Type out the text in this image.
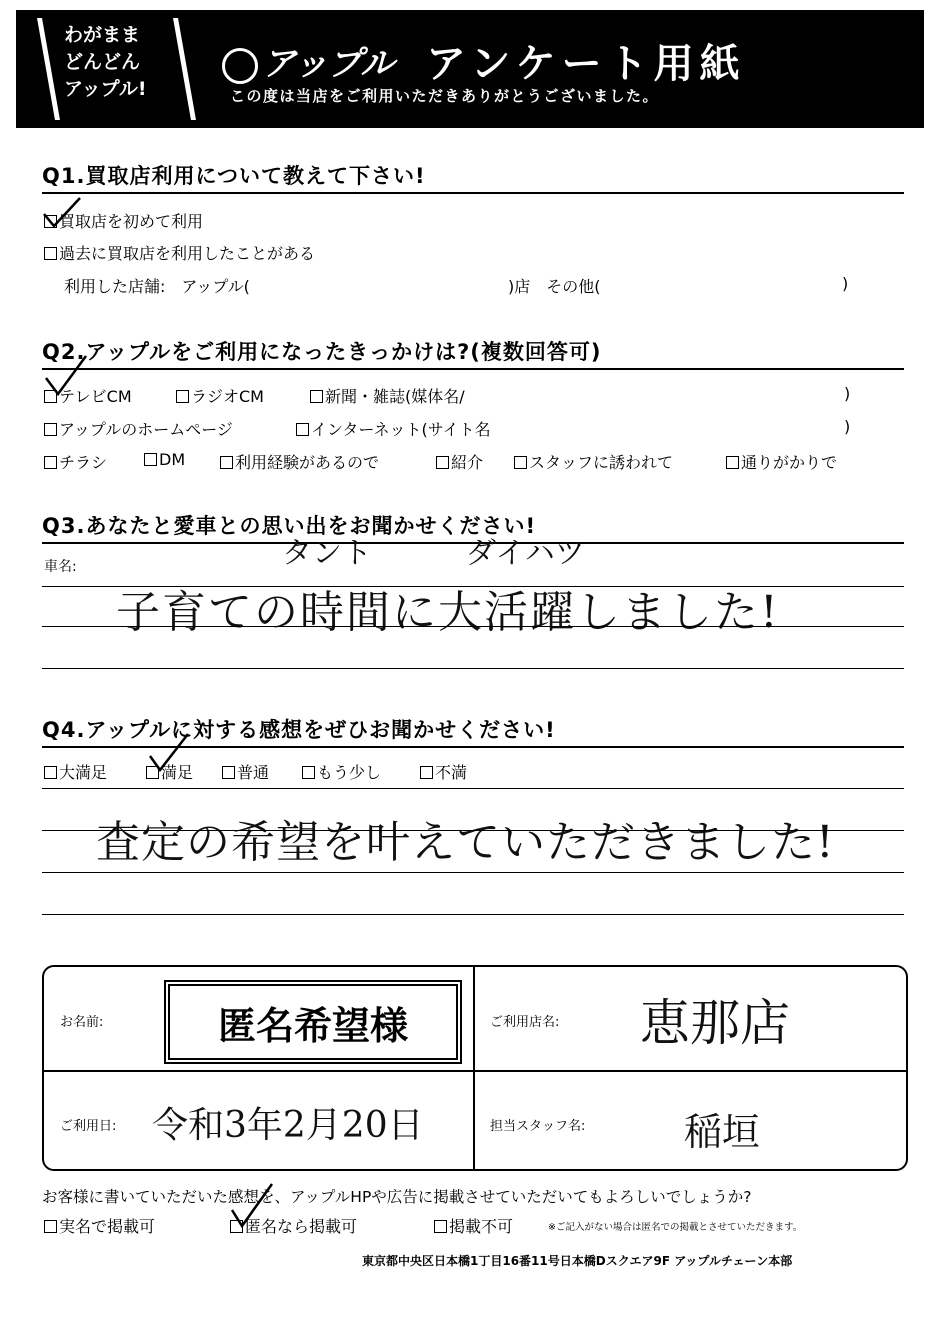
わがまま
どんどん
アップル!
アップル アンケート用紙
この度は当店をご利用いただきありがとうございました。
Q1.買取店利用について教えて下さい!
買取店を初めて利用
過去に買取店を利用したことがある
利用した店舗:　アップル(	)店　その他(	)
Q2.アップルをご利用になったきっかけは?(複数回答可)
テレビCM	ラジオCM	新聞・雑誌(媒体名/	)
アップルのホームページ	インターネット(サイト名	)
チラシ	DM	利用経験があるので	紹介	スタッフに誘われて	通りがかりで
Q3.あなたと愛車との思い出をお聞かせください!
車名:	タント	ダイハツ
子育ての時間に大活躍しました!
Q4.アップルに対する感想をぜひお聞かせください!
大満足	満足	普通	もう少し	不満
査定の希望を叶えていただきました!
お名前:	匿名希望様	ご利用店名: 恵那店
ご利用日: 令和3年2月20日	担当スタッフ名:	稲垣
お客様に書いていただいた感想を、アップルHPや広告に掲載させていただいてもよろしいでしょうか?
実名で掲載可	匿名なら掲載可	掲載不可	※ご記入がない場合は匿名での掲載とさせていただきます。
東京都中央区日本橋1丁目16番11号日本橋Dスクエア9F アップルチェーン本部
